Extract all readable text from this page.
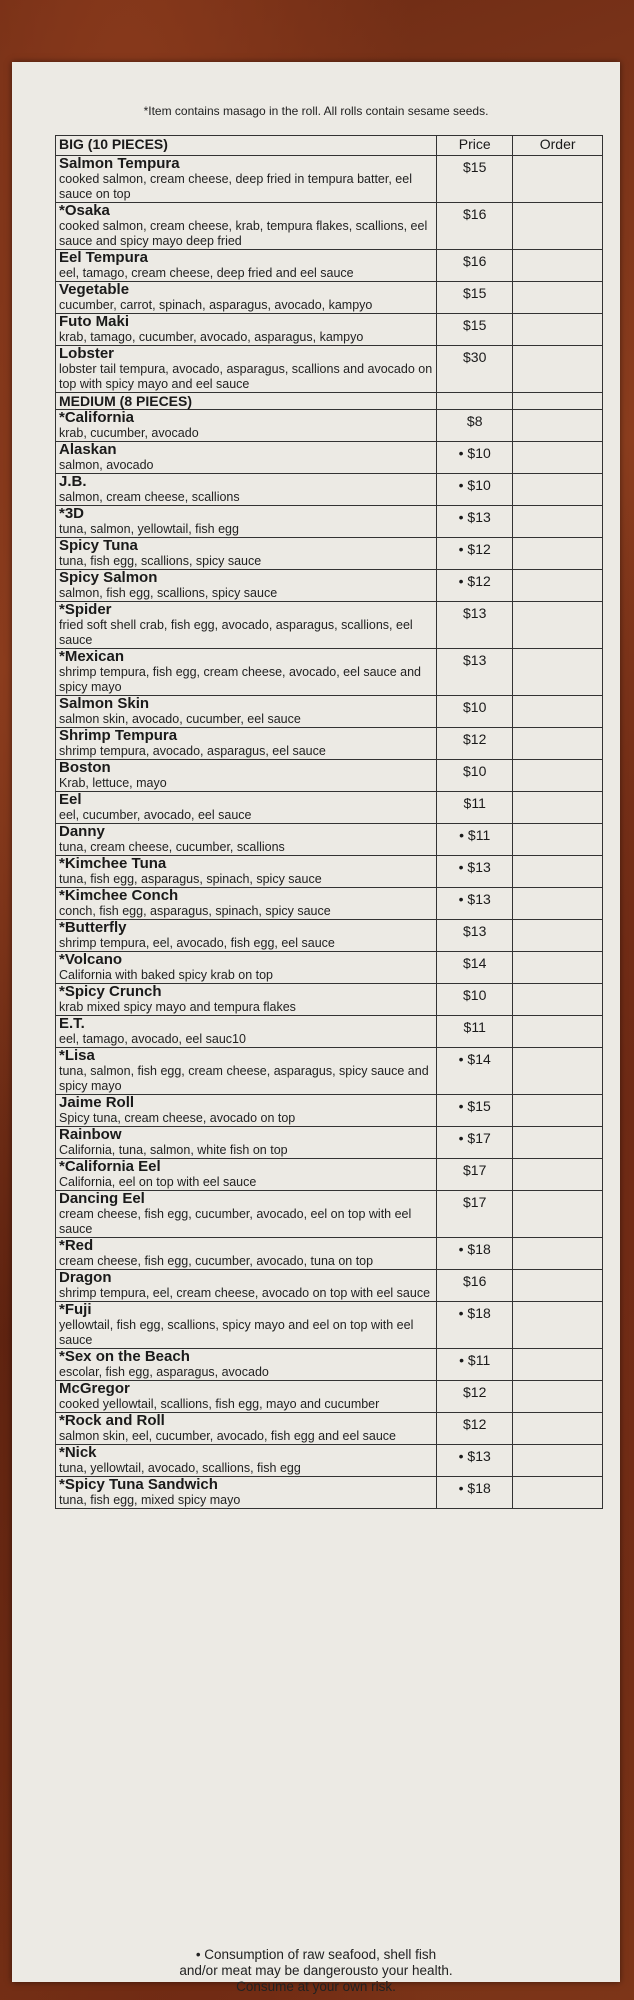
*Item contains masago in the roll. All rolls contain sesame seeds.
• Consumption of raw seafood, shell fish
and/or meat may be dangerousto your health.
Consume at your own risk.
BIG (10 PIECES)	Price	Order

Salmon Tempura
cooked salmon, cream cheese, deep fried in tempura batter, eel sauce on top	$15	

*Osaka
cooked salmon, cream cheese, krab, tempura flakes, scallions, eel sauce and spicy mayo deep fried	$16	

Eel Tempura
eel, tamago, cream cheese, deep fried and eel sauce	$16	

Vegetable
cucumber, carrot, spinach, asparagus, avocado, kampyo	$15	

Futo Maki
krab, tamago, cucumber, avocado, asparagus, kampyo	$15	

Lobster
lobster tail tempura, avocado, asparagus, scallions and avocado on top with spicy mayo and eel sauce	$30	
MEDIUM (8 PIECES)		

*California
krab, cucumber, avocado	$8	

Alaskan
salmon, avocado	• $10	

J.B.
salmon, cream cheese, scallions	• $10	

*3D
tuna, salmon, yellowtail, fish egg	• $13	

Spicy Tuna
tuna, fish egg, scallions, spicy sauce	• $12	

Spicy Salmon
salmon, fish egg, scallions, spicy sauce	• $12	

*Spider
fried soft shell crab, fish egg, avocado, asparagus, scallions, eel sauce	$13	

*Mexican
shrimp tempura, fish egg, cream cheese, avocado, eel sauce and spicy mayo	$13	

Salmon Skin
salmon skin, avocado, cucumber, eel sauce	$10	

Shrimp Tempura
shrimp tempura, avocado, asparagus, eel sauce	$12	

Boston
Krab, lettuce, mayo	$10	

Eel
eel, cucumber, avocado, eel sauce	$11	

Danny
tuna, cream cheese, cucumber, scallions	• $11	

*Kimchee Tuna
tuna, fish egg, asparagus, spinach, spicy sauce	• $13	

*Kimchee Conch
conch, fish egg, asparagus, spinach, spicy sauce	• $13	

*Butterfly
shrimp tempura, eel, avocado, fish egg, eel sauce	$13	

*Volcano
California with baked spicy krab on top	$14	

*Spicy Crunch
krab mixed spicy mayo and tempura flakes	$10	

E.T.
eel, tamago, avocado, eel sauc10	$11	

*Lisa
tuna, salmon, fish egg, cream cheese, asparagus, spicy sauce and spicy mayo	• $14	

Jaime Roll
Spicy tuna, cream cheese, avocado on top	• $15	

Rainbow
California, tuna, salmon, white fish on top	• $17	

*California Eel
California, eel on top with eel sauce	$17	

Dancing Eel
cream cheese, fish egg, cucumber, avocado, eel on top with eel sauce	$17	

*Red
cream cheese, fish egg, cucumber, avocado, tuna on top	• $18	

Dragon
shrimp tempura, eel, cream cheese, avocado on top with eel sauce	$16	

*Fuji
yellowtail, fish egg, scallions, spicy mayo and eel on top with eel sauce	• $18	

*Sex on the Beach
escolar, fish egg, asparagus, avocado	• $11	

McGregor
cooked yellowtail, scallions, fish egg, mayo and cucumber	$12	

*Rock and Roll
salmon skin, eel, cucumber, avocado, fish egg and eel sauce	$12	

*Nick
tuna, yellowtail, avocado, scallions, fish egg	• $13	

*Spicy Tuna Sandwich
tuna, fish egg, mixed spicy mayo	• $18	
